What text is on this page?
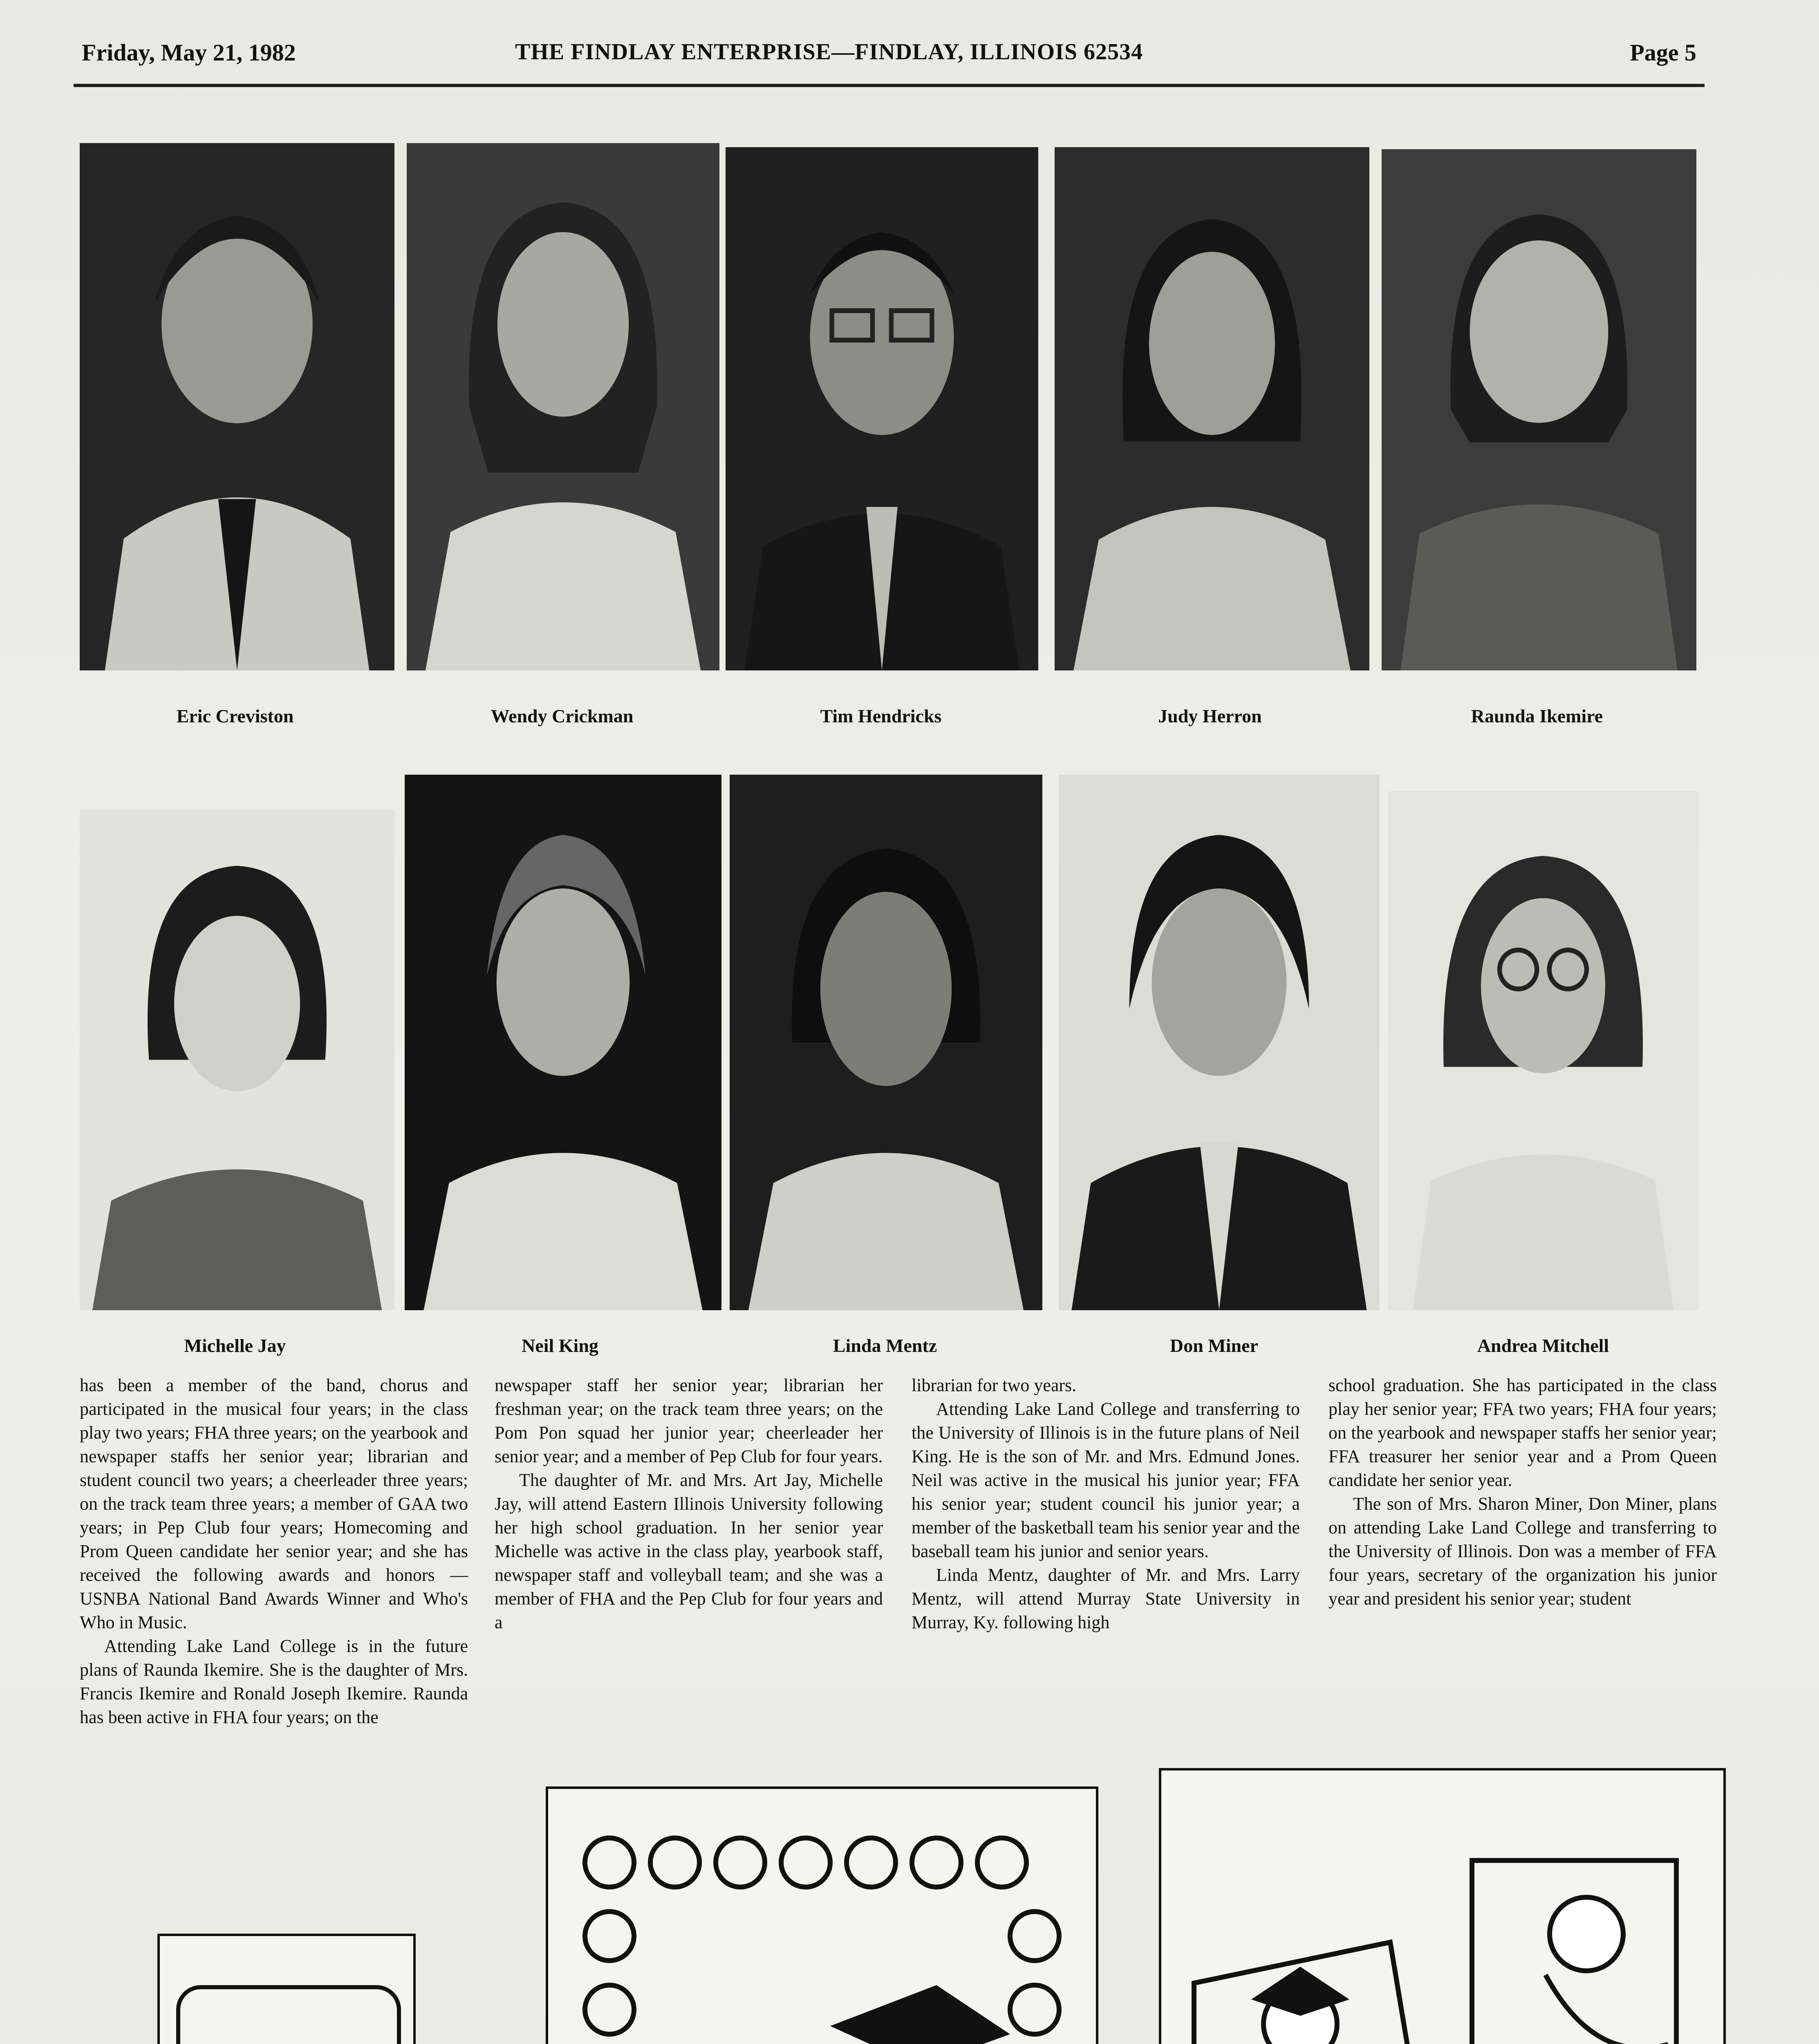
Friday, May 21, 1982	THE FINDLAY ENTERPRISE—FINDLAY, ILLINOIS 62534	Page 5
Eric Creviston	Wendy Crickman	Tim Hendricks	Judy Herron	Raunda Ikemire
Michelle Jay	Neil King	Linda Mentz	Don Miner	Andrea Mitchell

has been a member of the band, chorus and participated in the musical four years; in the class play two years; FHA three years; on the yearbook and newspaper staffs her senior year; librarian and student council two years; a cheerleader three years; on the track team three years; a member of GAA two years; in Pep Club four years; Homecoming and Prom Queen candidate her senior year; and she has received the following awards and honors — USNBA National Band Awards Winner and Who's Who in Music.

Attending Lake Land College is in the future plans of Raunda Ikemire. She is the daughter of Mrs. Francis Ikemire and Ronald Joseph Ikemire. Raunda has been active in FHA four years; on the

newspaper staff her senior year; librarian her freshman year; on the track team three years; on the Pom Pon squad her junior year; cheerleader her senior year; and a member of Pep Club for four years.

The daughter of Mr. and Mrs. Art Jay, Michelle Jay, will attend Eastern Illinois University following her high school graduation. In her senior year Michelle was active in the class play, yearbook staff, newspaper staff and volleyball team; and she was a member of FHA and the Pep Club for four years and a

librarian for two years.

Attending Lake Land College and transferring to the University of Illinois is in the future plans of Neil King. He is the son of Mr. and Mrs. Edmund Jones. Neil was active in the musical his junior year; FFA his senior year; student council his junior year; a member of the basketball team his senior year and the baseball team his junior and senior years.

Linda Mentz, daughter of Mr. and Mrs. Larry Mentz, will attend Murray State University in Murray, Ky. following high

school graduation. She has participated in the class play her senior year; FFA two years; FHA four years; on the yearbook and newspaper staffs her senior year; FFA treasurer her senior year and a Prom Queen candidate her senior year.

The son of Mrs. Sharon Miner, Don Miner, plans on attending Lake Land College and transferring to the University of Illinois. Don was a member of FFA four years, secretary of the organization his junior year and president his senior year; student
